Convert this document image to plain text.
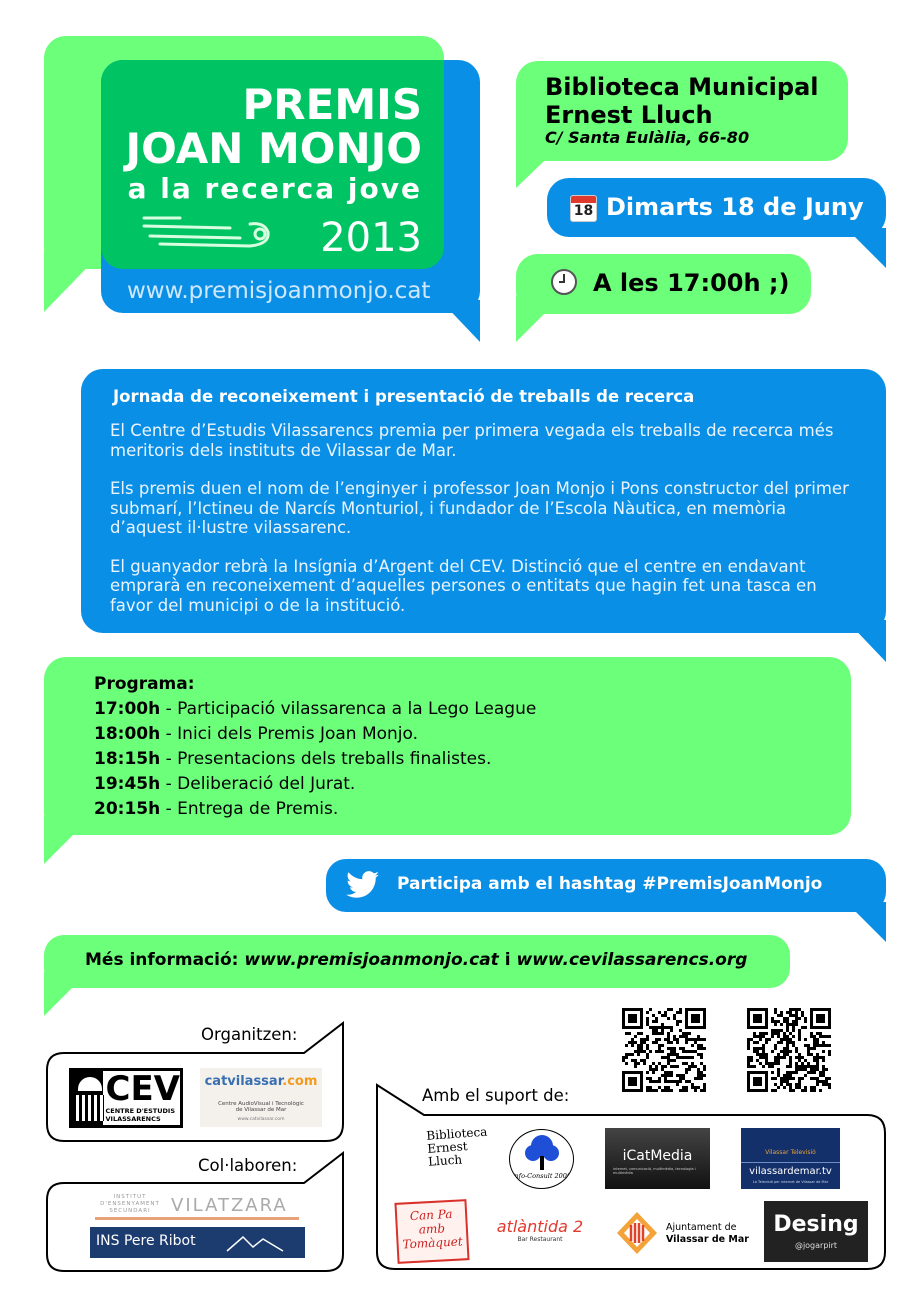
PREMIS
JOAN MONJO
a la recerca jove
2013
www.premisjoanmonjo.cat
Biblioteca Municipal
Ernest Lluch
C/ Santa Eulàlia, 66-80
18 Dimarts 18 de Juny
A les 17:00h ;)
Jornada de reconeixement i presentació de treballs de recerca

El Centre d’Estudis Vilassarencs premia per primera vegada els treballs de recerca més meritoris dels instituts de Vilassar de Mar.

Els premis duen el nom de l’enginyer i professor Joan Monjo i Pons constructor del primer submarí, l’Ictineu de Narcís Monturiol, i fundador de l’Escola Nàutica, en memòria d’aquest il·lustre vilassarenc.

El guanyador rebrà la Insígnia d’Argent del CEV. Distinció que el centre en endavant emprarà en reconeixement d’aquelles persones o entitats que hagin fet una tasca en favor del municipi o de la institució.

Programa:
17:00h - Participació vilassarenca a la Lego League
18:00h - Inici dels Premis Joan Monjo.
18:15h - Presentacions dels treballs finalistes.
19:45h - Deliberació del Jurat.
20:15h - Entrega de Premis.
Participa amb el hashtag #PremisJoanMonjo
Més informació: www.premisjoanmonjo.cat i www.cevilassarencs.org
Organitzen:
CEV
CENTRE D'ESTUDIS
VILASSARENCS
catvilassar.com
Centre AudioVisual i Tecnològic
de Vilassar de Mar
www.catvilassar.com
Col·laboren:
INSTITUT
D'ENSENYAMENT
SECUNDARI	VILATZARA
INS Pere Ribot
Amb el suport de:
Biblioteca Ernest Lluch
Info-Consult 2000
iCatMedia
internet, comunicació, multimèdia, tecnologia i multimèdia
Vilassar Televisió
vilassardemar.tv
La Televisió per internet de Vilassar de Mar
Can Pa amb Tomàquet
atlàntida 2
Bar Restaurant
Ajuntament de
Vilassar de Mar
Desing
@jogarpirt
